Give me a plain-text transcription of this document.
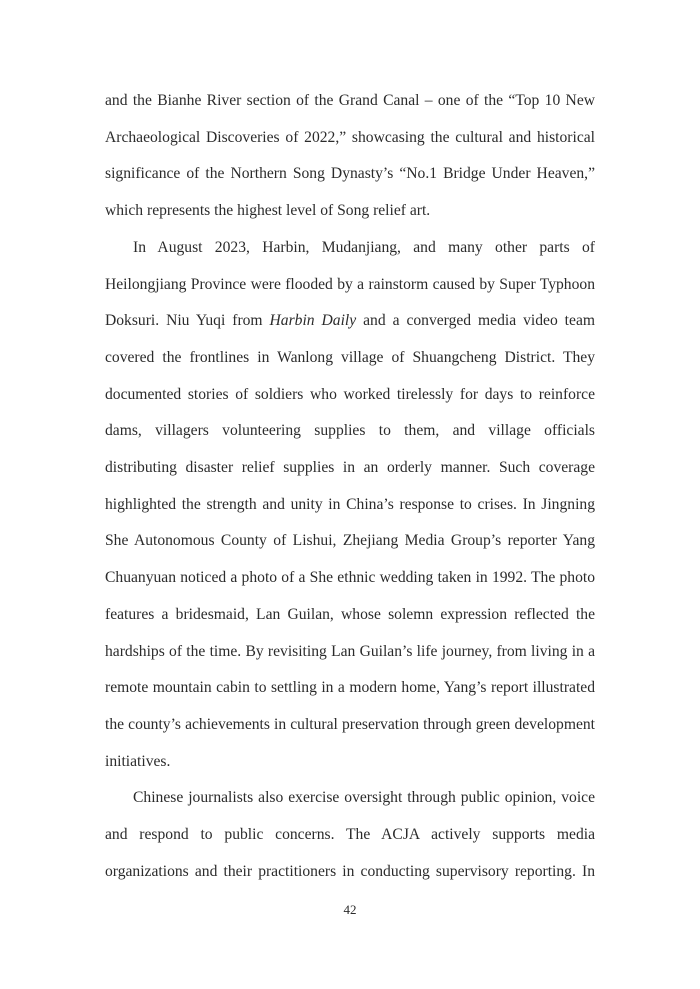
and the Bianhe River section of the Grand Canal – one of the “Top 10 New Archaeological Discoveries of 2022,” showcasing the cultural and historical significance of the Northern Song Dynasty’s “No.1 Bridge Under Heaven,” which represents the highest level of Song relief art.

In August 2023, Harbin, Mudanjiang, and many other parts of Heilongjiang Province were flooded by a rainstorm caused by Super Typhoon Doksuri. Niu Yuqi from Harbin Daily and a converged media video team covered the frontlines in Wanlong village of Shuangcheng District. They documented stories of soldiers who worked tirelessly for days to reinforce dams, villagers volunteering supplies to them, and village officials distributing disaster relief supplies in an orderly manner. Such coverage highlighted the strength and unity in China’s response to crises. In Jingning She Autonomous County of Lishui, Zhejiang Media Group’s reporter Yang Chuanyuan noticed a photo of a She ethnic wedding taken in 1992. The photo features a bridesmaid, Lan Guilan, whose solemn expression reflected the hardships of the time. By revisiting Lan Guilan’s life journey, from living in a remote mountain cabin to settling in a modern home, Yang’s report illustrated the county’s achievements in cultural preservation through green development initiatives.

Chinese journalists also exercise oversight through public opinion, voice and respond to public concerns. The ACJA actively supports media organizations and their practitioners in conducting supervisory reporting. In

42
